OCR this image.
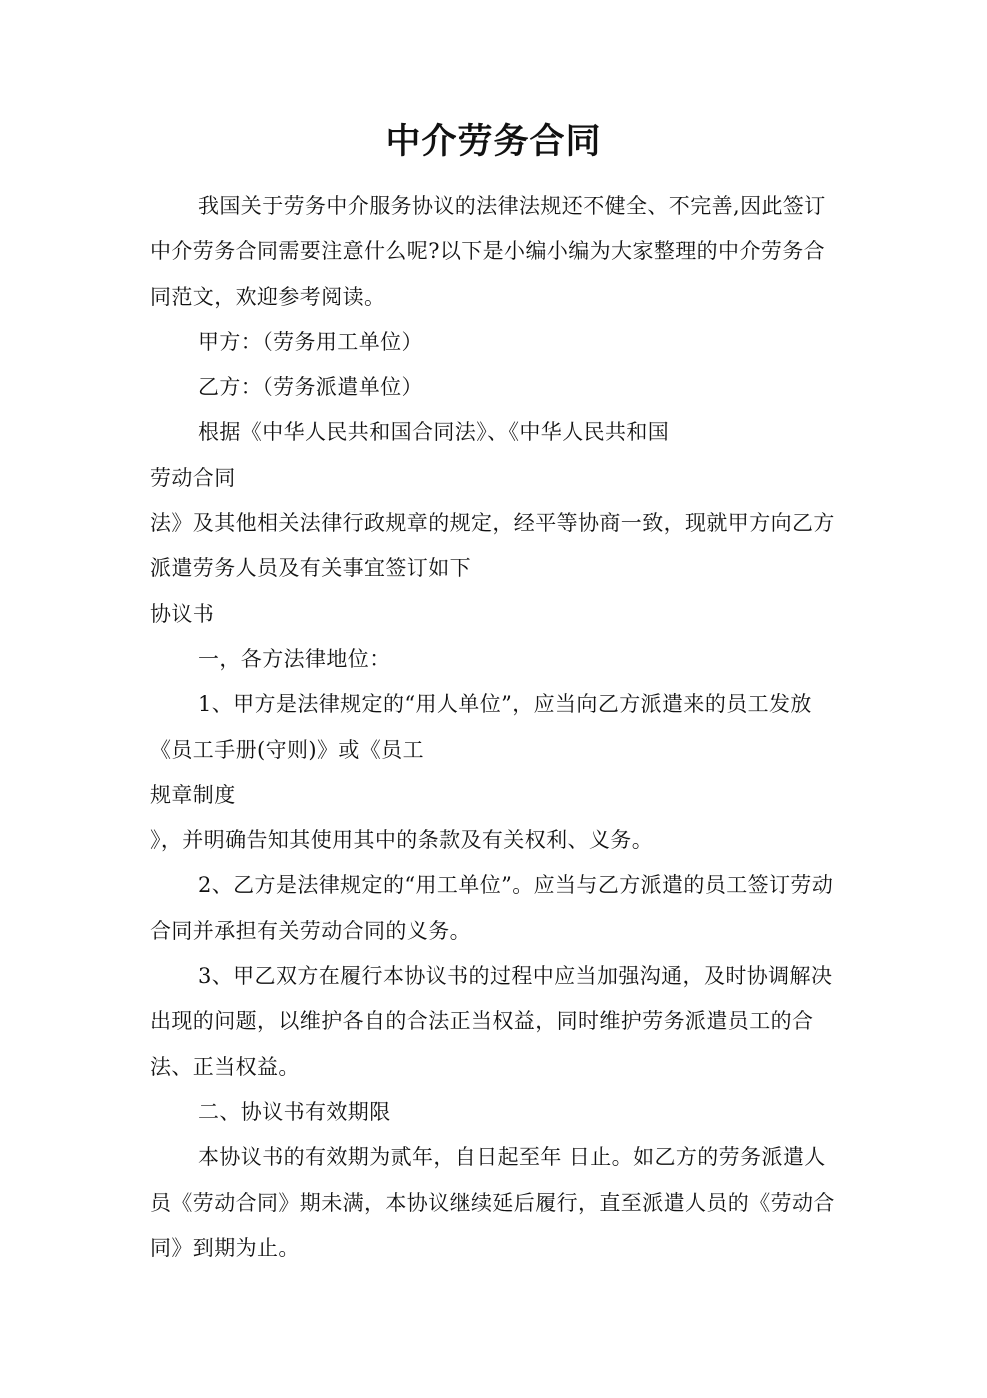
中介劳务合同

我国关于劳务中介服务协议的法律法规还不健全、不完善,因此签订中介劳务合同需要注意什么呢?以下是小编小编为大家整理的中介劳务合同范文，欢迎参考阅读。

甲方：（劳务用工单位）

乙方：（劳务派遣单位）

根据《中华人民共和国合同法》、《中华人民共和国

劳动合同

法》及其他相关法律行政规章的规定，经平等协商一致，现就甲方向乙方派遣劳务人员及有关事宜签订如下

协议书

一，各方法律地位：

1、甲方是法律规定的“用人单位”，应当向乙方派遣来的员工发放《员工手册(守则)》或《员工

规章制度

》，并明确告知其使用其中的条款及有关权利、义务。

2、乙方是法律规定的“用工单位”。应当与乙方派遣的员工签订劳动合同并承担有关劳动合同的义务。

3、甲乙双方在履行本协议书的过程中应当加强沟通，及时协调解决出现的问题，以维护各自的合法正当权益，同时维护劳务派遣员工的合法、正当权益。

二、协议书有效期限

本协议书的有效期为贰年，自日起至年 日止。如乙方的劳务派遣人员《劳动合同》期未满，本协议继续延后履行，直至派遣人员的《劳动合同》到期为止。
